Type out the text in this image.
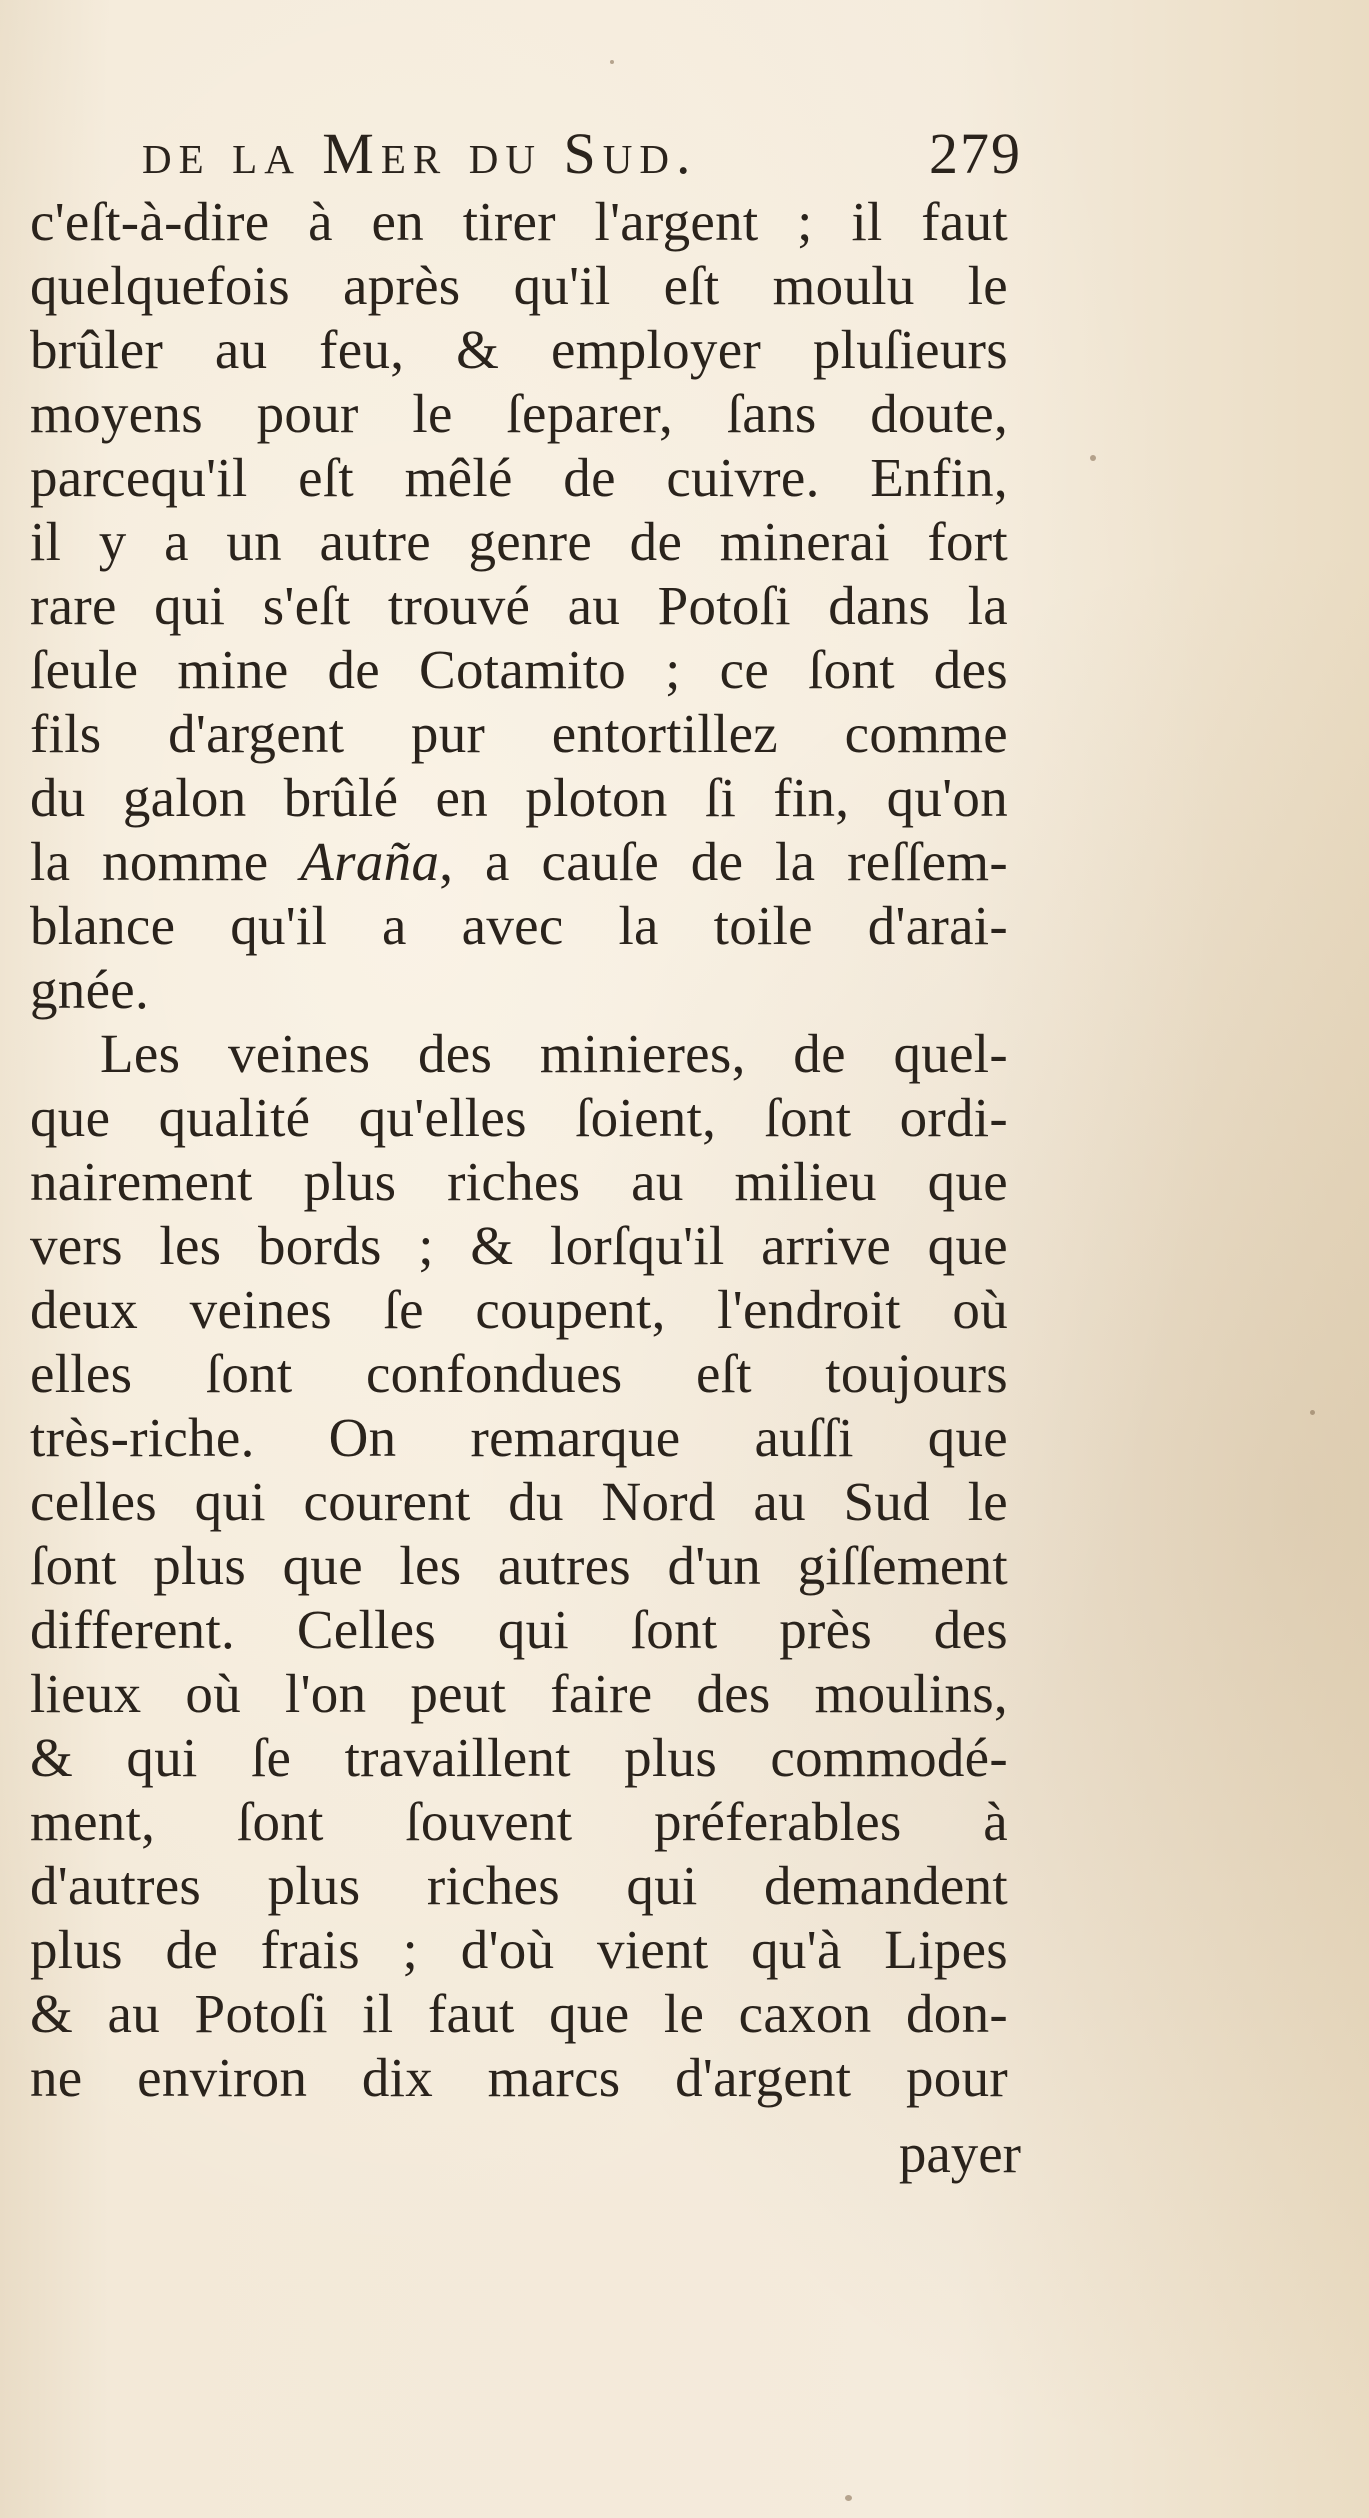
de la Mer du Sud.	279
c'eſt-à-dire à en tirer l'argent ; il faut
quelquefois après qu'il eſt moulu le
brûler au feu, & employer pluſieurs
moyens pour le ſeparer, ſans doute,
parcequ'il eſt mêlé de cuivre. Enfin,
il y a un autre genre de minerai fort
rare qui s'eſt trouvé au Potoſi dans la
ſeule mine de Cotamito ; ce ſont des
fils d'argent pur entortillez comme
du galon brûlé en ploton ſi fin, qu'on
la nomme Araña, a cauſe de la reſſem-
blance qu'il a avec la toile d'arai-
gnée.
Les veines des minieres, de quel-
que qualité qu'elles ſoient, ſont ordi-
nairement plus riches au milieu que
vers les bords ; & lorſqu'il arrive que
deux veines ſe coupent, l'endroit où
elles ſont confondues eſt toujours
très-riche. On remarque auſſi que
celles qui courent du Nord au Sud le
ſont plus que les autres d'un giſſement
different. Celles qui ſont près des
lieux où l'on peut faire des moulins,
& qui ſe travaillent plus commodé-
ment, ſont ſouvent préferables à
d'autres plus riches qui demandent
plus de frais ; d'où vient qu'à Lipes
& au Potoſi il faut que le caxon don-
ne environ dix marcs d'argent pour
payer
